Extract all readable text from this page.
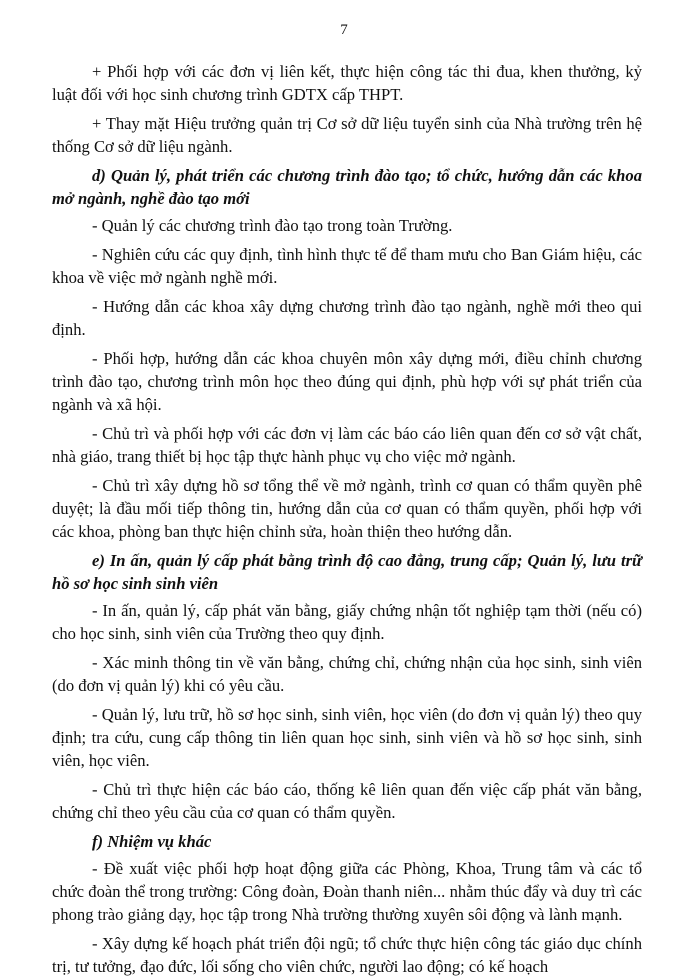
7

+ Phối hợp với các đơn vị liên kết, thực hiện công tác thi đua, khen thưởng, kỷ luật đối với học sinh chương trình GDTX cấp THPT.

+ Thay mặt Hiệu trưởng quản trị Cơ sở dữ liệu tuyển sinh của Nhà trường trên hệ thống Cơ sở dữ liệu ngành.

d) Quản lý, phát triển các chương trình đào tạo; tổ chức, hướng dẫn các khoa mở ngành, nghề đào tạo mới

- Quản lý các chương trình đào tạo trong toàn Trường.

- Nghiên cứu các quy định, tình hình thực tế để tham mưu cho Ban Giám hiệu, các khoa về việc mở ngành nghề mới.

- Hướng dẫn các khoa xây dựng chương trình đào tạo ngành, nghề mới theo qui định.

- Phối hợp, hướng dẫn các khoa chuyên môn xây dựng mới, điều chỉnh chương trình đào tạo, chương trình môn học theo đúng qui định, phù hợp với sự phát triển của ngành và xã hội.

- Chủ trì và phối hợp với các đơn vị làm các báo cáo liên quan đến cơ sở vật chất, nhà giáo, trang thiết bị học tập thực hành phục vụ cho việc mở ngành.

- Chủ trì xây dựng hồ sơ tổng thể về mở ngành, trình cơ quan có thẩm quyền phê duyệt; là đầu mối tiếp thông tin, hướng dẫn của cơ quan có thẩm quyền, phối hợp với các khoa, phòng ban thực hiện chỉnh sửa, hoàn thiện theo hướng dẫn.

e) In ấn, quản lý cấp phát bằng trình độ cao đẳng, trung cấp; Quản lý, lưu trữ hồ sơ học sinh sinh viên

- In ấn, quản lý, cấp phát văn bằng, giấy chứng nhận tốt nghiệp tạm thời (nếu có) cho học sinh, sinh viên của Trường theo quy định.

- Xác minh thông tin về văn bằng, chứng chỉ, chứng nhận của học sinh, sinh viên (do đơn vị quản lý) khi có yêu cầu.

- Quản lý, lưu trữ, hồ sơ học sinh, sinh viên, học viên (do đơn vị quản lý) theo quy định; tra cứu, cung cấp thông tin liên quan học sinh, sinh viên và hồ sơ học sinh, sinh viên, học viên.

- Chủ trì thực hiện các báo cáo, thống kê liên quan đến việc cấp phát văn bằng, chứng chỉ theo yêu cầu của cơ quan có thẩm quyền.

f) Nhiệm vụ khác

- Đề xuất việc phối hợp hoạt động giữa các Phòng, Khoa, Trung tâm và các tổ chức đoàn thể trong trường: Công đoàn, Đoàn thanh niên... nhằm thúc đẩy và duy trì các phong trào giảng dạy, học tập trong Nhà trường thường xuyên sôi động và lành mạnh.

- Xây dựng kế hoạch phát triển đội ngũ; tổ chức thực hiện công tác giáo dục chính trị, tư tưởng, đạo đức, lối sống cho viên chức, người lao động; có kế hoạch
